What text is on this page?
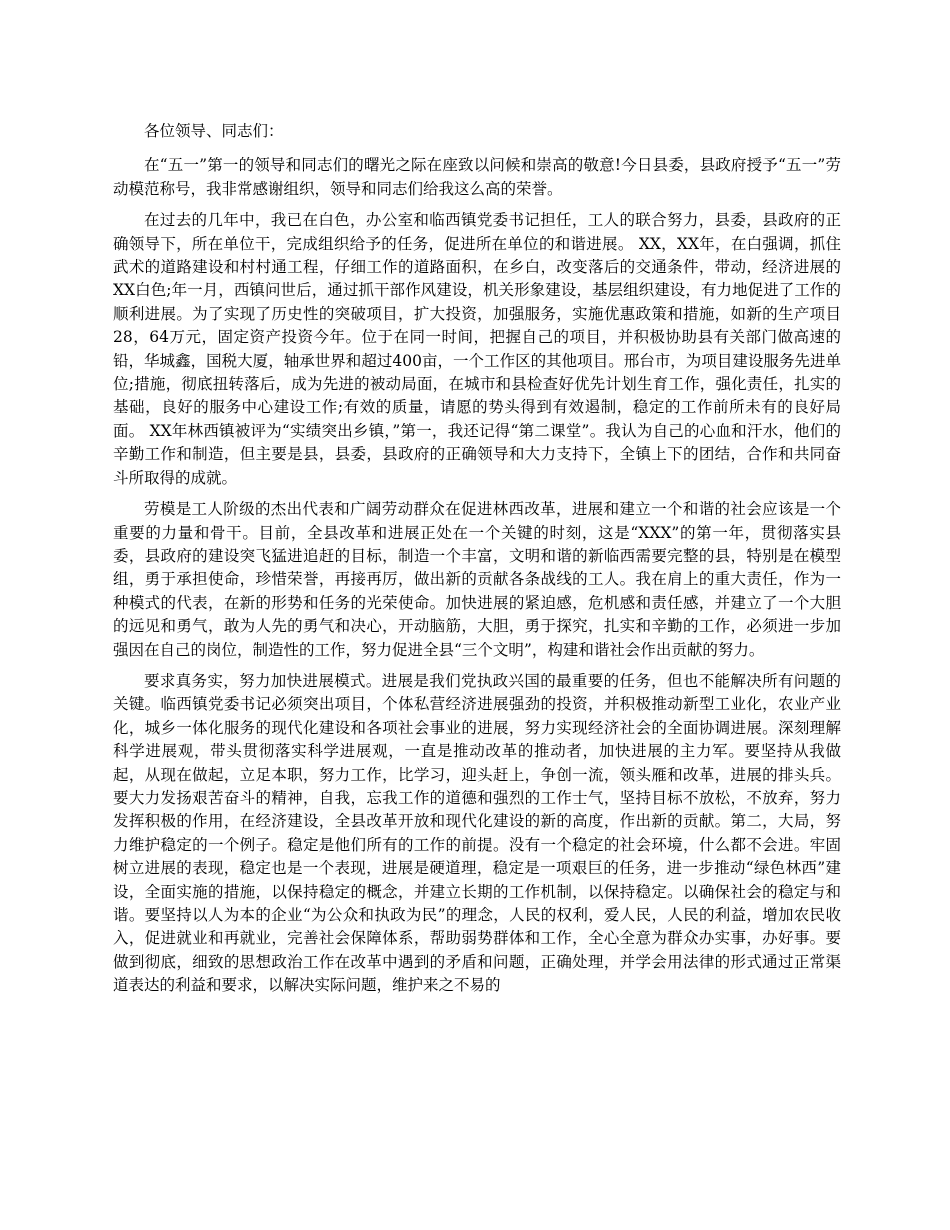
各位领导、同志们：

在“五一”第一的领导和同志们的曙光之际在座致以问候和崇高的敬意!今日县委，县政府授予“五一”劳动模范称号，我非常感谢组织，领导和同志们给我这么高的荣誉。

在过去的几年中，我已在白色，办公室和临西镇党委书记担任，工人的联合努力，县委，县政府的正确领导下，所在单位干，完成组织给予的任务，促进所在单位的和谐进展。 XX，XX年，在白强调，抓住武术的道路建设和村村通工程，仔细工作的道路面积，在乡白，改变落后的交通条件，带动，经济进展的XX白色;年一月，西镇问世后，通过抓干部作风建设，机关形象建设，基层组织建设，有力地促进了工作的顺利进展。为了实现了历史性的突破项目，扩大投资，加强服务，实施优惠政策和措施，如新的生产项目28，64万元，固定资产投资今年。位于在同一时间，把握自己的项目，并积极协助县有关部门做高速的铅，华城鑫，国税大厦，轴承世界和超过400亩，一个工作区的其他项目。邢台市，为项目建设服务先进单位;措施，彻底扭转落后，成为先进的被动局面，在城市和县检查好优先计划生育工作，强化责任，扎实的基础，良好的服务中心建设工作;有效的质量，请愿的势头得到有效遏制，稳定的工作前所未有的良好局面。 XX年林西镇被评为“实绩突出乡镇，”第一，我还记得“第二课堂”。我认为自己的心血和汗水，他们的辛勤工作和制造，但主要是县，县委，县政府的正确领导和大力支持下，全镇上下的团结，合作和共同奋斗所取得的成就。

劳模是工人阶级的杰出代表和广阔劳动群众在促进林西改革，进展和建立一个和谐的社会应该是一个重要的力量和骨干。目前，全县改革和进展正处在一个关键的时刻，这是“XXX”的第一年，贯彻落实县委，县政府的建设突飞猛进追赶的目标，制造一个丰富，文明和谐的新临西需要完整的县，特别是在模型组，勇于承担使命，珍惜荣誉，再接再厉，做出新的贡献各条战线的工人。我在肩上的重大责任，作为一种模式的代表，在新的形势和任务的光荣使命。加快进展的紧迫感，危机感和责任感，并建立了一个大胆的远见和勇气，敢为人先的勇气和决心，开动脑筋，大胆，勇于探究，扎实和辛勤的工作，必须进一步加强因在自己的岗位，制造性的工作，努力促进全县“三个文明”，构建和谐社会作出贡献的努力。

要求真务实，努力加快进展模式。进展是我们党执政兴国的最重要的任务，但也不能解决所有问题的关键。临西镇党委书记必须突出项目，个体私营经济进展强劲的投资，并积极推动新型工业化，农业产业化，城乡一体化服务的现代化建设和各项社会事业的进展，努力实现经济社会的全面协调进展。深刻理解科学进展观，带头贯彻落实科学进展观，一直是推动改革的推动者，加快进展的主力军。要坚持从我做起，从现在做起，立足本职，努力工作，比学习，迎头赶上，争创一流，领头雁和改革，进展的排头兵。要大力发扬艰苦奋斗的精神，自我，忘我工作的道德和强烈的工作士气，坚持目标不放松，不放弃，努力发挥积极的作用，在经济建设，全县改革开放和现代化建设的新的高度，作出新的贡献。第二，大局，努力维护稳定的一个例子。稳定是他们所有的工作的前提。没有一个稳定的社会环境，什么都不会进。牢固树立进展的表现，稳定也是一个表现，进展是硬道理，稳定是一项艰巨的任务，进一步推动“绿色林西”建设，全面实施的措施，以保持稳定的概念，并建立长期的工作机制，以保持稳定。以确保社会的稳定与和谐。要坚持以人为本的企业“为公众和执政为民”的理念，人民的权利，爱人民，人民的利益，增加农民收入，促进就业和再就业，完善社会保障体系，帮助弱势群体和工作，全心全意为群众办实事，办好事。要做到彻底，细致的思想政治工作在改革中遇到的矛盾和问题，正确处理，并学会用法律的形式通过正常渠道表达的利益和要求，以解决实际问题，维护来之不易的
